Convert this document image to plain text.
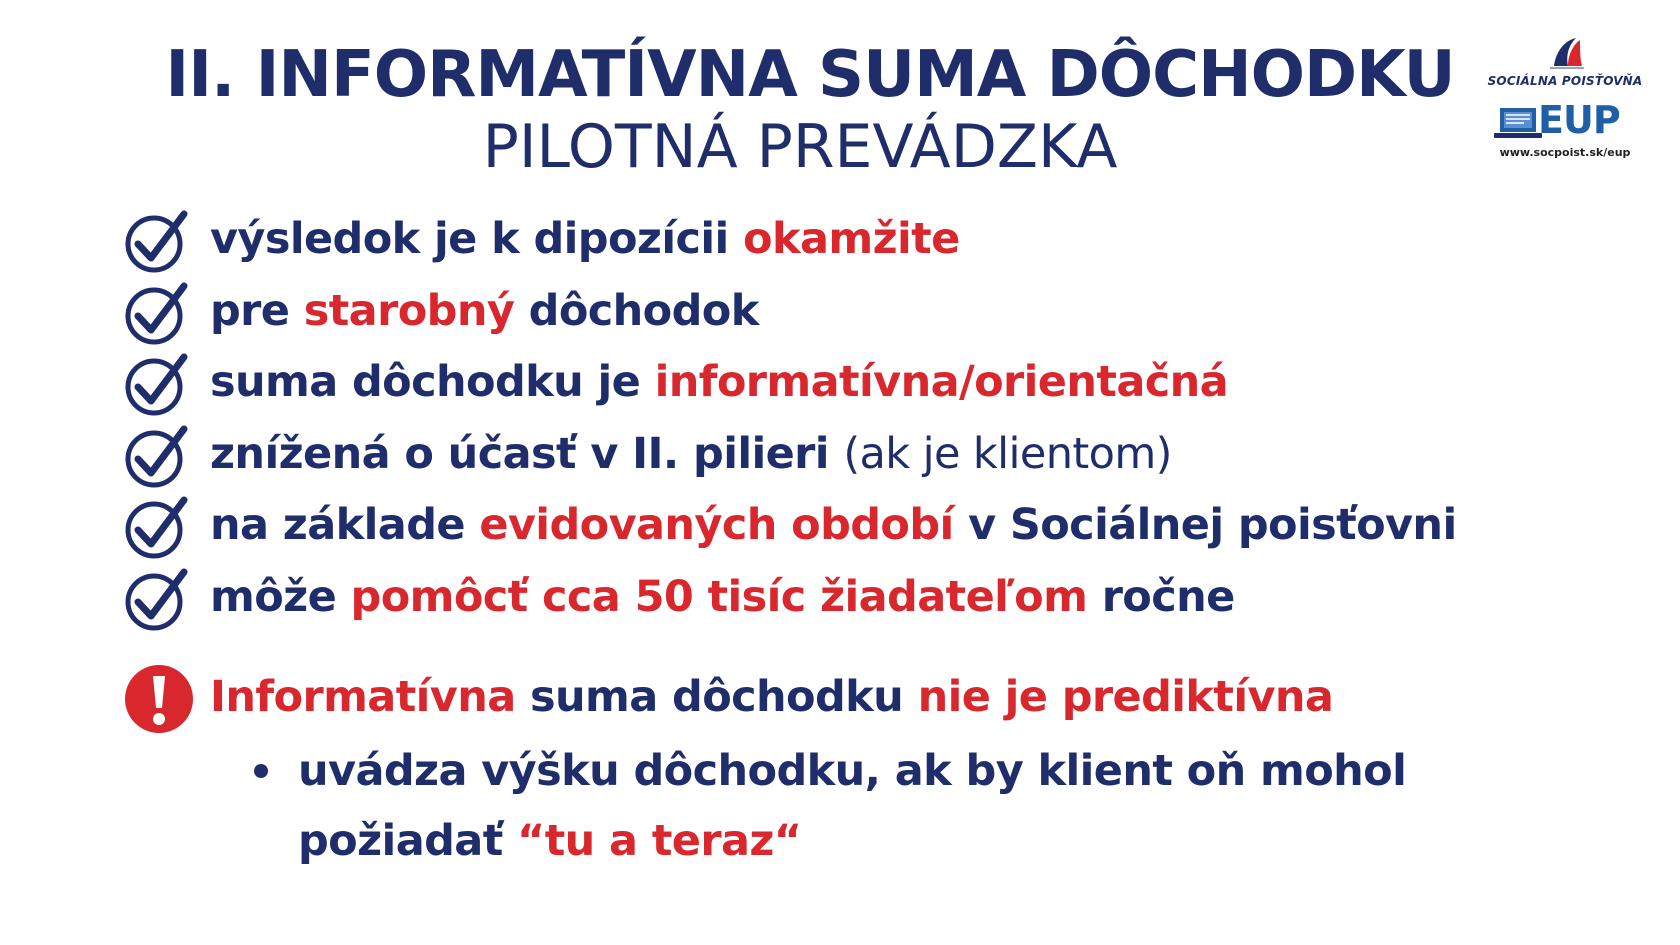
II. INFORMATÍVNA SUMA DÔCHODKU
PILOTNÁ PREVÁDZKA
SOCIÁLNA POISŤOVŇA
EUP
www.socpoist.sk/eup
výsledok je k dipozícii okamžite
pre starobný dôchodok
suma dôchodku je informatívna/orientačná
znížená o účasť v II. pilieri (ak je klientom)
na základe evidovaných období v Sociálnej poisťovni
môže pomôcť cca 50 tisíc žiadateľom ročne
Informatívna suma dôchodku nie je prediktívna
uvádza výšku dôchodku, ak by klient oň mohol
požiadať “tu a teraz“
